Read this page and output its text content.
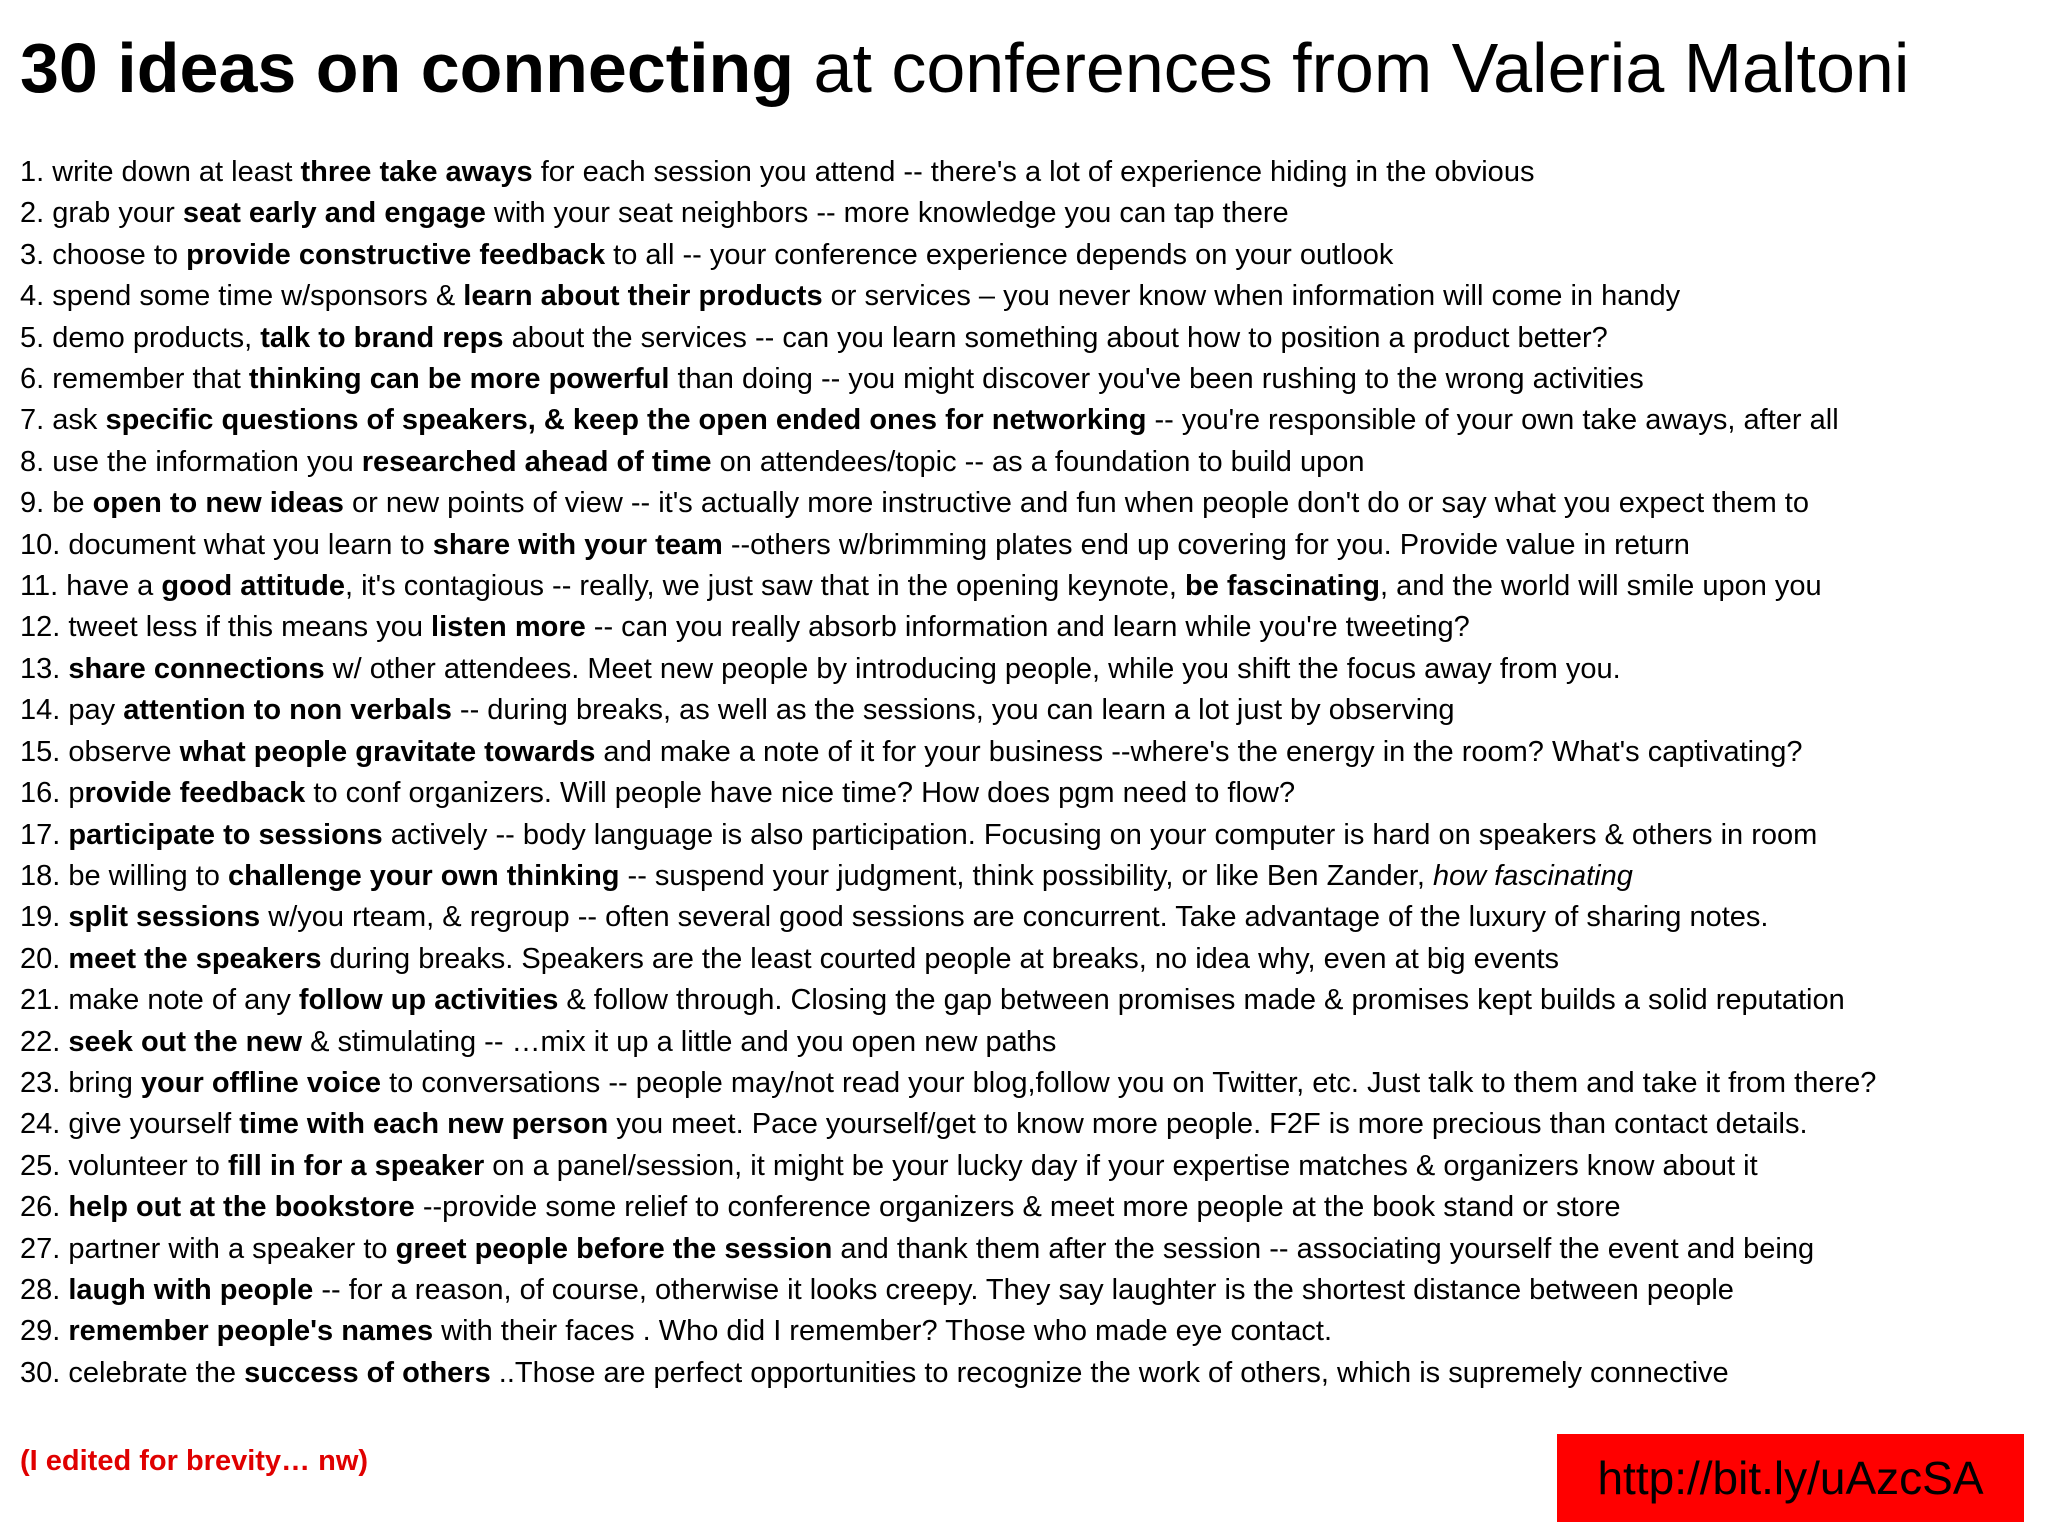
30 ideas on connecting at conferences from Valeria Maltoni
1. write down at least three take aways for each session you attend -- there's a lot of experience hiding in the obvious
2. grab your seat early and engage with your seat neighbors -- more knowledge you can tap there
3. choose to provide constructive feedback to all -- your conference experience depends on your outlook
4. spend some time w/sponsors & learn about their products or services – you never know when information will come in handy
5. demo products, talk to brand reps about the services -- can you learn something about how to position a product better?
6. remember that thinking can be more powerful than doing -- you might discover you've been rushing to the wrong activities
7. ask specific questions of speakers, & keep the open ended ones for networking -- you're responsible of your own take aways, after all
8. use the information you researched ahead of time on attendees/topic -- as a foundation to build upon
9. be open to new ideas or new points of view -- it's actually more instructive and fun when people don't do or say what you expect them to
10. document what you learn to share with your team --others w/brimming plates end up covering for you. Provide value in return
11. have a good attitude, it's contagious -- really, we just saw that in the opening keynote, be fascinating, and the world will smile upon you
12. tweet less if this means you listen more -- can you really absorb information and learn while you're tweeting?
13. share connections w/ other attendees. Meet new people by introducing people, while you shift the focus away from you.
14. pay attention to non verbals -- during breaks, as well as the sessions, you can learn a lot just by observing
15. observe what people gravitate towards and make a note of it for your business --where's the energy in the room? What's captivating?
16. provide feedback to conf organizers. Will people have nice time? How does pgm need to flow?
17. participate to sessions actively -- body language is also participation. Focusing on your computer is hard on speakers & others in room
18. be willing to challenge your own thinking -- suspend your judgment, think possibility, or like Ben Zander, how fascinating
19. split sessions w/you rteam, & regroup -- often several good sessions are concurrent. Take advantage of the luxury of sharing notes.
20. meet the speakers during breaks. Speakers are the least courted people at breaks, no idea why, even at big events
21. make note of any follow up activities & follow through. Closing the gap between promises made & promises kept builds a solid reputation
22. seek out the new & stimulating -- …mix it up a little and you open new paths
23. bring your offline voice to conversations -- people may/not read your blog,follow you on Twitter, etc. Just talk to them and take it from there?
24. give yourself time with each new person you meet. Pace yourself/get to know more people. F2F is more precious than contact details.
25. volunteer to fill in for a speaker on a panel/session, it might be your lucky day if your expertise matches & organizers know about it
26. help out at the bookstore --provide some relief to conference organizers & meet more people at the book stand or store
27. partner with a speaker to greet people before the session and thank them after the session -- associating yourself the event and being
28. laugh with people -- for a reason, of course, otherwise it looks creepy. They say laughter is the shortest distance between people
29. remember people's names with their faces . Who did I remember? Those who made eye contact.
30. celebrate the success of others ..Those are perfect opportunities to recognize the work of others, which is supremely connective
(I edited for brevity… nw)	http://bit.ly/uAzcSA
